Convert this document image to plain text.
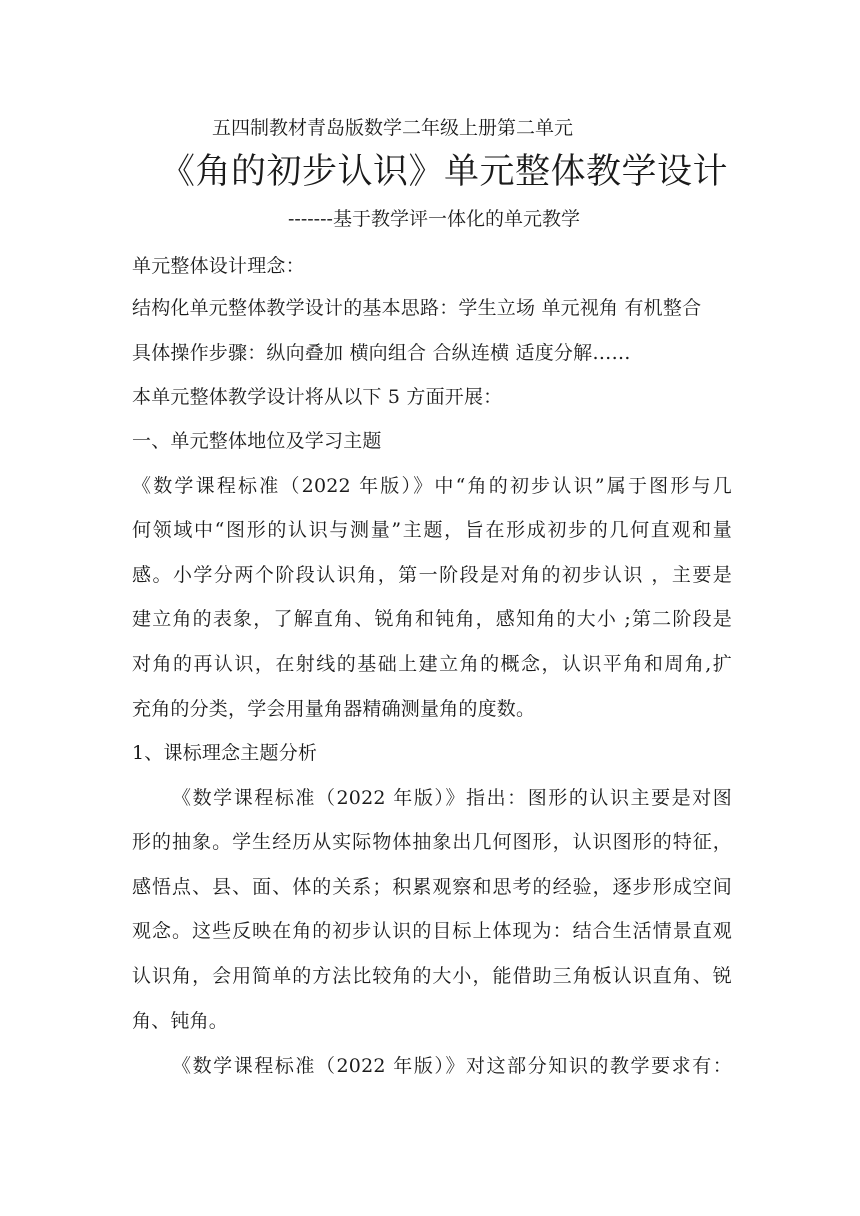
五四制教材青岛版数学二年级上册第二单元
《角的初步认识》单元整体教学设计
-------基于教学评一体化的单元教学
单元整体设计理念：
结构化单元整体教学设计的基本思路：学生立场 单元视角 有机整合
具体操作步骤：纵向叠加 横向组合 合纵连横 适度分解……
本单元整体教学设计将从以下 5 方面开展：
一、单元整体地位及学习主题
《数学课程标准（2022 年版）》中“角的初步认识”属于图形与几
何领域中“图形的认识与测量”主题，旨在形成初步的几何直观和量
感。小学分两个阶段认识角，第一阶段是对角的初步认识 ，主要是
建立角的表象，了解直角、锐角和钝角，感知角的大小 ;第二阶段是
对角的再认识，在射线的基础上建立角的概念，认识平角和周角,扩
充角的分类，学会用量角器精确测量角的度数。
1、课标理念主题分析
《数学课程标准（2022 年版）》指出：图形的认识主要是对图
形的抽象。学生经历从实际物体抽象出几何图形，认识图形的特征，
感悟点、县、面、体的关系；积累观察和思考的经验，逐步形成空间
观念。这些反映在角的初步认识的目标上体现为：结合生活情景直观
认识角，会用简单的方法比较角的大小，能借助三角板认识直角、锐
角、钝角。
《数学课程标准（2022 年版）》对这部分知识的教学要求有：
